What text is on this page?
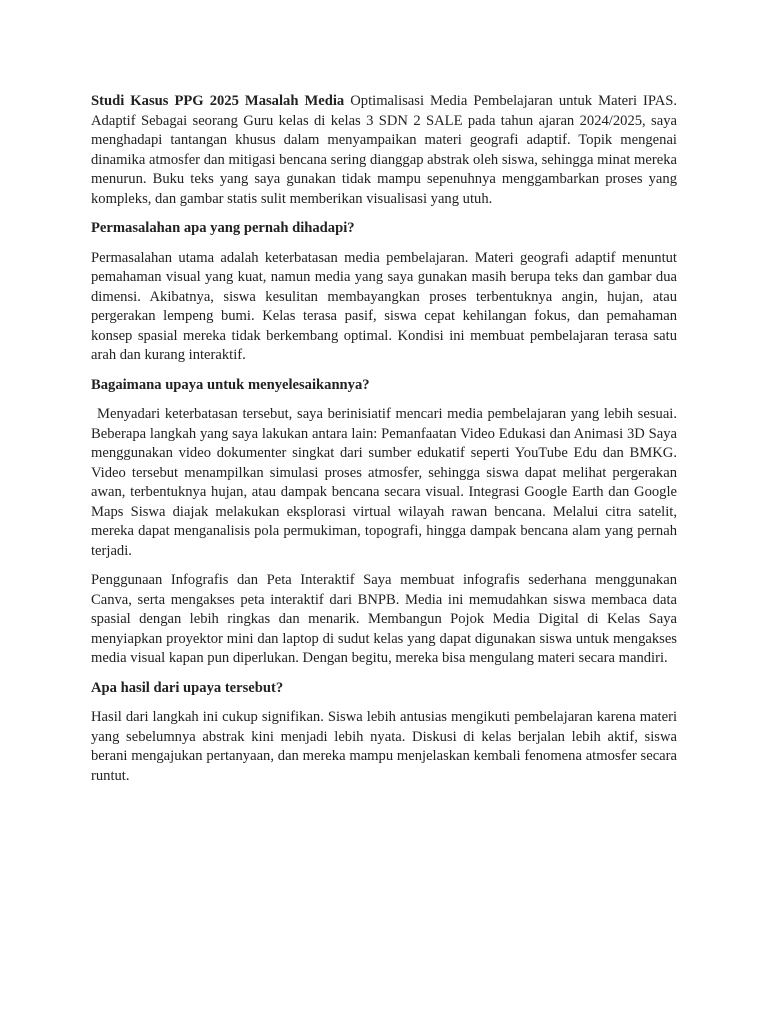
Studi Kasus PPG 2025 Masalah Media Optimalisasi Media Pembelajaran untuk Materi IPAS. Adaptif Sebagai seorang Guru kelas di kelas 3 SDN 2 SALE pada tahun ajaran 2024/2025, saya menghadapi tantangan khusus dalam menyampaikan materi geografi adaptif. Topik mengenai dinamika atmosfer dan mitigasi bencana sering dianggap abstrak oleh siswa, sehingga minat mereka menurun. Buku teks yang saya gunakan tidak mampu sepenuhnya menggambarkan proses yang kompleks, dan gambar statis sulit memberikan visualisasi yang utuh.

Permasalahan apa yang pernah dihadapi?

Permasalahan utama adalah keterbatasan media pembelajaran. Materi geografi adaptif menuntut pemahaman visual yang kuat, namun media yang saya gunakan masih berupa teks dan gambar dua dimensi. Akibatnya, siswa kesulitan membayangkan proses terbentuknya angin, hujan, atau pergerakan lempeng bumi. Kelas terasa pasif, siswa cepat kehilangan fokus, dan pemahaman konsep spasial mereka tidak berkembang optimal. Kondisi ini membuat pembelajaran terasa satu arah dan kurang interaktif.

Bagaimana upaya untuk menyelesaikannya?

Menyadari keterbatasan tersebut, saya berinisiatif mencari media pembelajaran yang lebih sesuai. Beberapa langkah yang saya lakukan antara lain: Pemanfaatan Video Edukasi dan Animasi 3D Saya menggunakan video dokumenter singkat dari sumber edukatif seperti YouTube Edu dan BMKG. Video tersebut menampilkan simulasi proses atmosfer, sehingga siswa dapat melihat pergerakan awan, terbentuknya hujan, atau dampak bencana secara visual. Integrasi Google Earth dan Google Maps Siswa diajak melakukan eksplorasi virtual wilayah rawan bencana. Melalui citra satelit, mereka dapat menganalisis pola permukiman, topografi, hingga dampak bencana alam yang pernah terjadi.

Penggunaan Infografis dan Peta Interaktif Saya membuat infografis sederhana menggunakan Canva, serta mengakses peta interaktif dari BNPB. Media ini memudahkan siswa membaca data spasial dengan lebih ringkas dan menarik. Membangun Pojok Media Digital di Kelas Saya menyiapkan proyektor mini dan laptop di sudut kelas yang dapat digunakan siswa untuk mengakses media visual kapan pun diperlukan. Dengan begitu, mereka bisa mengulang materi secara mandiri.

Apa hasil dari upaya tersebut?

Hasil dari langkah ini cukup signifikan. Siswa lebih antusias mengikuti pembelajaran karena materi yang sebelumnya abstrak kini menjadi lebih nyata. Diskusi di kelas berjalan lebih aktif, siswa berani mengajukan pertanyaan, dan mereka mampu menjelaskan kembali fenomena atmosfer secara runtut.
